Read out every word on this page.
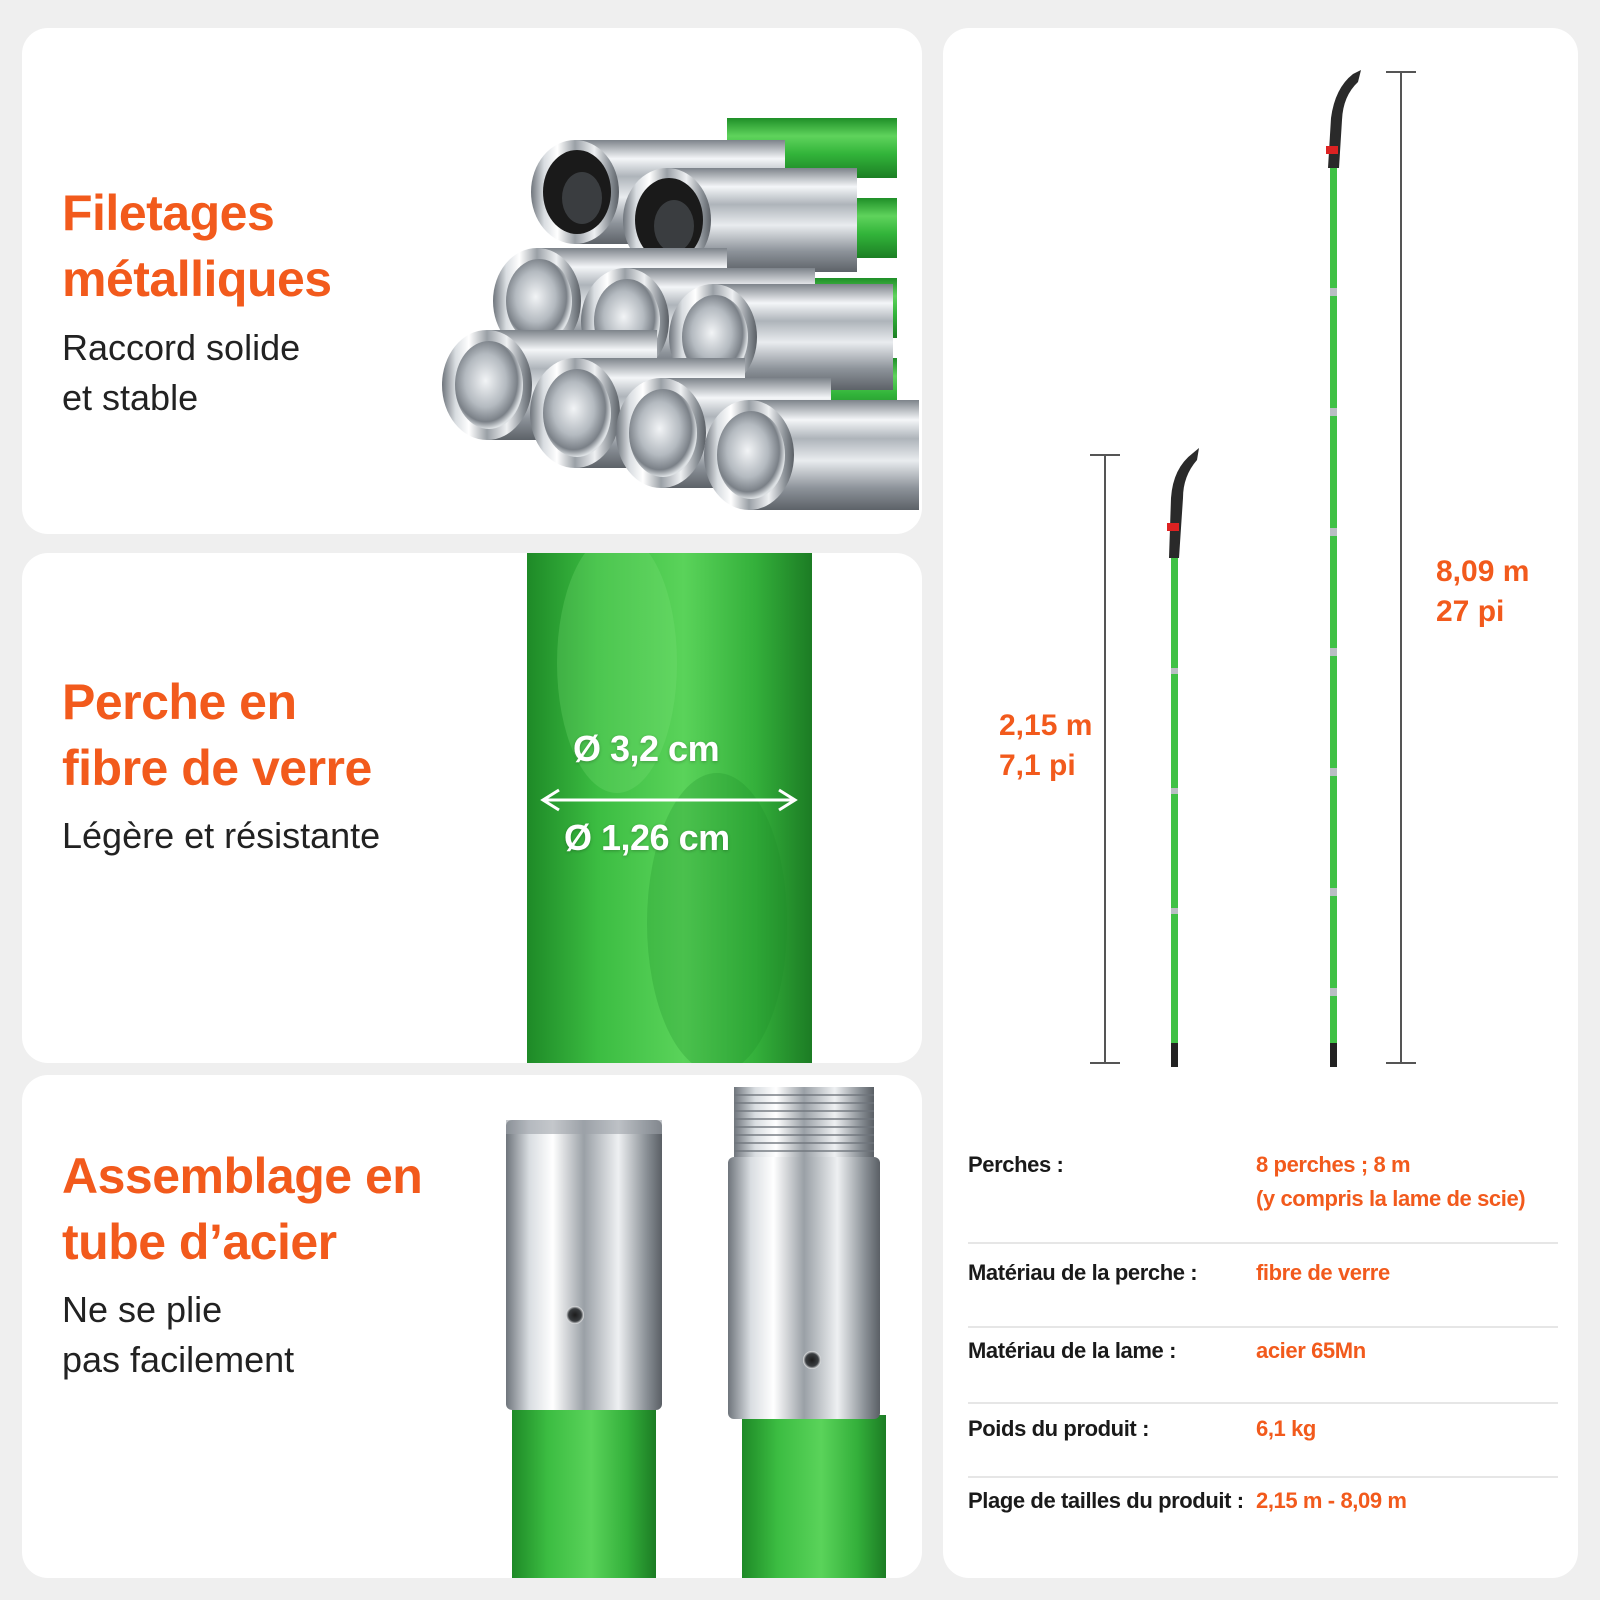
Filetages
métalliques

Raccord solide
et stable

Perche en
fibre de verre

Légère et résistante

Ø 3,2 cm
Ø 1,26 cm
Assemblage en
tube d’acier

Ne se plie
pas facilement

2,15 m
7,1 pi
8,09 m
27 pi
Perches :	8 perches ; 8 m
(y compris la lame de scie)
Matériau de la perche :	fibre de verre
Matériau de la lame :	acier 65Mn
Poids du produit :	6,1 kg
Plage de tailles du produit : 2,15 m - 8,09 m
